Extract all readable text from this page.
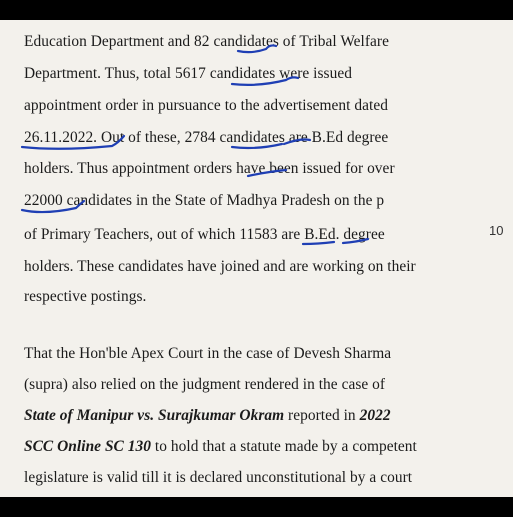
Education Department and 82 candidates of Tribal Welfare
Department. Thus, total 5617 candidates were issued
appointment order in pursuance to the advertisement dated
26.11.2022. Out of these, 2784 candidates are B.Ed degree
holders. Thus appointment orders have been issued for over
22000 candidates in the State of Madhya Pradesh on the p
10
of Primary Teachers, out of which 11583 are B.Ed. degree
holders. These candidates have joined and are working on their
respective postings.
That the Hon'ble Apex Court in the case of Devesh Sharma
(supra) also relied on the judgment rendered in the case of
State of Manipur vs. Surajkumar Okram reported in 2022
SCC Online SC 130 to hold that a statute made by a competent
legislature is valid till it is declared unconstitutional by a court
